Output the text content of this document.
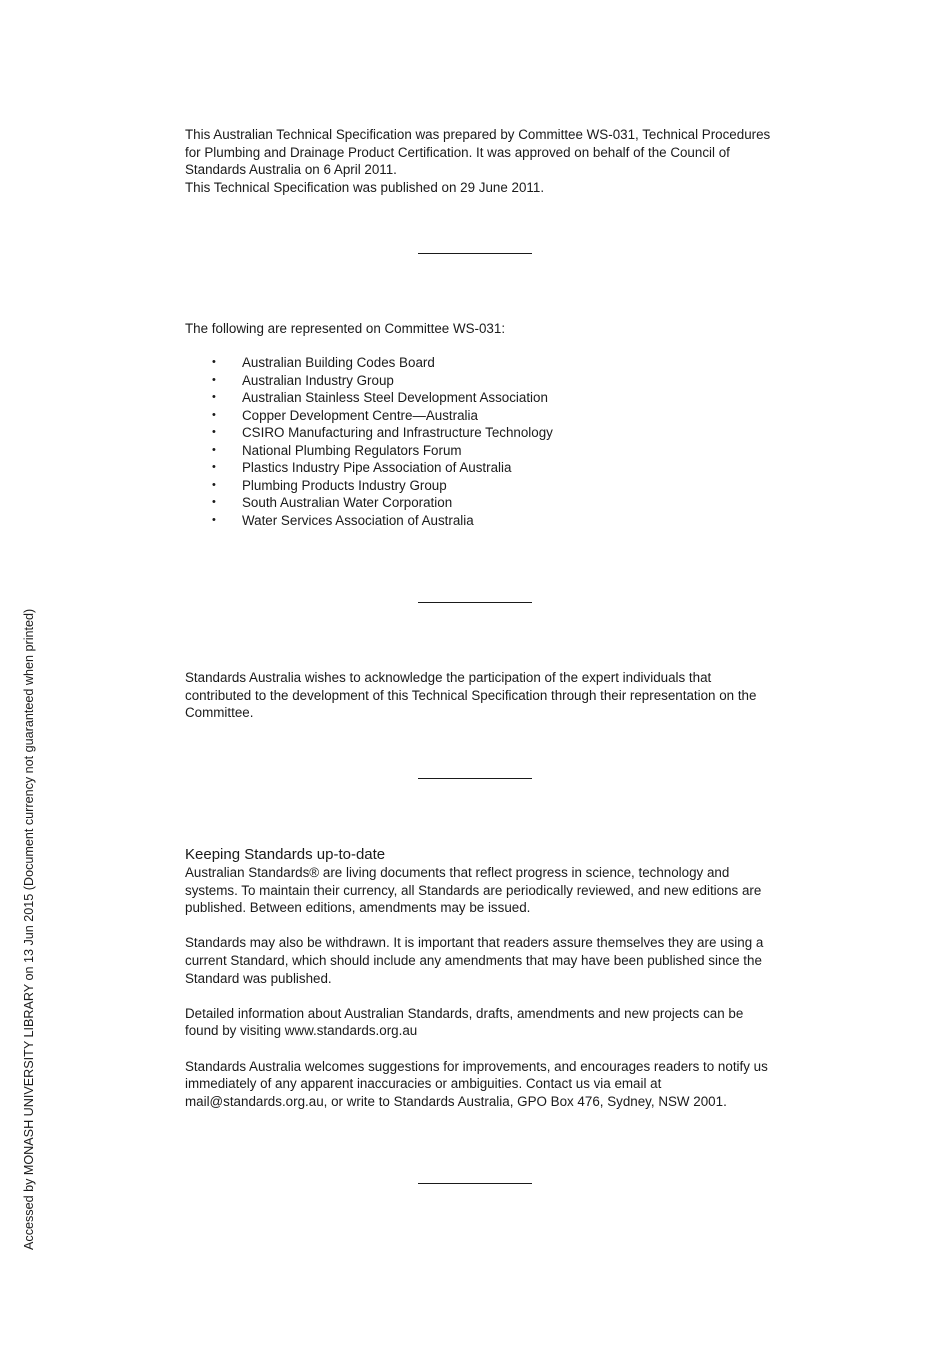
This Australian Technical Specification was prepared by Committee WS-031, Technical Procedures for Plumbing and Drainage Product Certification. It was approved on behalf of the Council of Standards Australia on 6 April 2011.

This Technical Specification was published on 29 June 2011.

The following are represented on Committee WS-031:
•	Australian Building Codes Board
•	Australian Industry Group
•	Australian Stainless Steel Development Association
•	Copper Development Centre—Australia
•	CSIRO Manufacturing and Infrastructure Technology
•	National Plumbing Regulators Forum
•	Plastics Industry Pipe Association of Australia
•	Plumbing Products Industry Group
•	South Australian Water Corporation
•	Water Services Association of Australia
Standards Australia wishes to acknowledge the participation of the expert individuals that contributed to the development of this Technical Specification through their representation on the Committee.

Keeping Standards up-to-date

Australian Standards® are living documents that reflect progress in science, technology and systems. To maintain their currency, all Standards are periodically reviewed, and new editions are published. Between editions, amendments may be issued.

Standards may also be withdrawn. It is important that readers assure themselves they are using a current Standard, which should include any amendments that may have been published since the Standard was published.

Detailed information about Australian Standards, drafts, amendments and new projects can be found by visiting www.standards.org.au

Standards Australia welcomes suggestions for improvements, and encourages readers to notify us immediately of any apparent inaccuracies or ambiguities. Contact us via email at mail@standards.org.au, or write to Standards Australia, GPO Box 476, Sydney, NSW 2001.

Accessed by MONASH UNIVERSITY LIBRARY on 13 Jun 2015 (Document currency not guaranteed when printed)
